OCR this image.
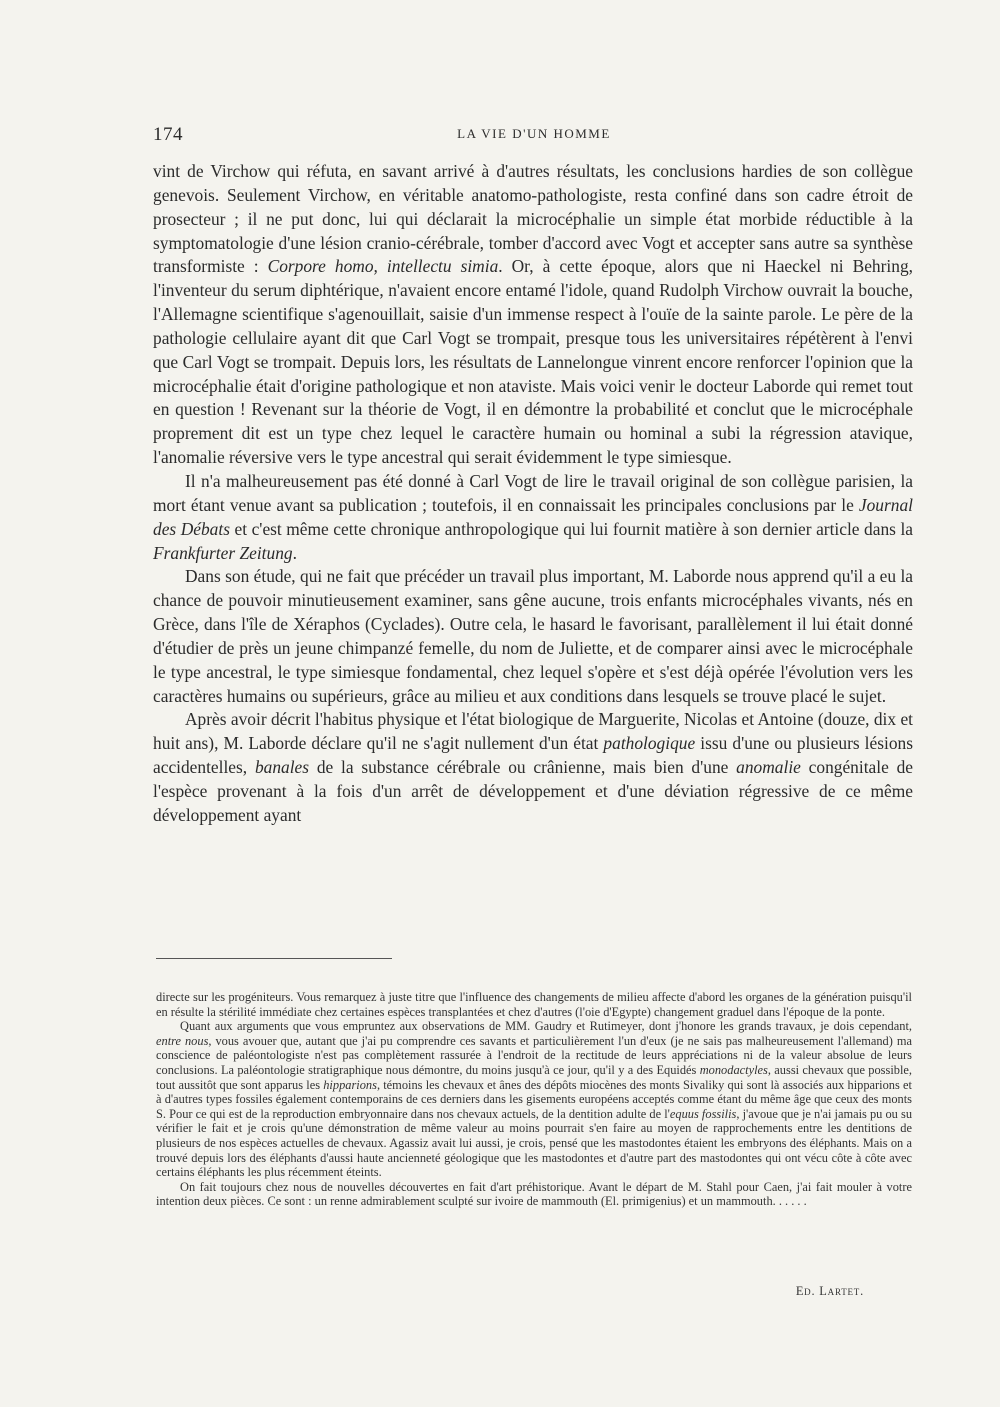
174	LA VIE D'UN HOMME

vint de Virchow qui réfuta, en savant arrivé à d'autres résultats, les conclusions hardies de son collègue genevois. Seulement Virchow, en véritable anatomo-pathologiste, resta confiné dans son cadre étroit de prosecteur ; il ne put donc, lui qui déclarait la microcéphalie un simple état morbide réductible à la symptomatologie d'une lésion cranio-cérébrale, tomber d'accord avec Vogt et accepter sans autre sa synthèse transformiste : Corpore homo, intellectu simia. Or, à cette époque, alors que ni Haeckel ni Behring, l'inventeur du serum diphtérique, n'avaient encore entamé l'idole, quand Rudolph Virchow ouvrait la bouche, l'Allemagne scientifique s'agenouillait, saisie d'un immense respect à l'ouïe de la sainte parole. Le père de la pathologie cellulaire ayant dit que Carl Vogt se trompait, presque tous les universitaires répétèrent à l'envi que Carl Vogt se trompait. Depuis lors, les résultats de Lannelongue vinrent encore renforcer l'opinion que la microcéphalie était d'origine pathologique et non ataviste. Mais voici venir le docteur Laborde qui remet tout en question ! Revenant sur la théorie de Vogt, il en démontre la probabilité et conclut que le microcéphale proprement dit est un type chez lequel le caractère humain ou hominal a subi la régression atavique, l'anomalie réversive vers le type ancestral qui serait évidemment le type simiesque.

Il n'a malheureusement pas été donné à Carl Vogt de lire le travail original de son collègue parisien, la mort étant venue avant sa publication ; toutefois, il en connaissait les principales conclusions par le Journal des Débats et c'est même cette chronique anthropologique qui lui fournit matière à son dernier article dans la Frankfurter Zeitung.

Dans son étude, qui ne fait que précéder un travail plus important, M. Laborde nous apprend qu'il a eu la chance de pouvoir minutieusement examiner, sans gêne aucune, trois enfants microcéphales vivants, nés en Grèce, dans l'île de Xéraphos (Cyclades). Outre cela, le hasard le favorisant, parallèlement il lui était donné d'étudier de près un jeune chimpanzé femelle, du nom de Juliette, et de comparer ainsi avec le microcéphale le type ancestral, le type simiesque fondamental, chez lequel s'opère et s'est déjà opérée l'évolution vers les caractères humains ou supérieurs, grâce au milieu et aux conditions dans lesquels se trouve placé le sujet.

Après avoir décrit l'habitus physique et l'état biologique de Marguerite, Nicolas et Antoine (douze, dix et huit ans), M. Laborde déclare qu'il ne s'agit nullement d'un état pathologique issu d'une ou plusieurs lésions accidentelles, banales de la substance cérébrale ou crânienne, mais bien d'une anomalie congénitale de l'espèce provenant à la fois d'un arrêt de développement et d'une déviation régressive de ce même développement ayant

directe sur les progéniteurs. Vous remarquez à juste titre que l'influence des changements de milieu affecte d'abord les organes de la génération puisqu'il en résulte la stérilité immédiate chez certaines espèces transplantées et chez d'autres (l'oie d'Egypte) changement graduel dans l'époque de la ponte.

Quant aux arguments que vous empruntez aux observations de MM. Gaudry et Rutimeyer, dont j'honore les grands travaux, je dois cependant, entre nous, vous avouer que, autant que j'ai pu comprendre ces savants et particulièrement l'un d'eux (je ne sais pas malheureusement l'allemand) ma conscience de paléontologiste n'est pas complètement rassurée à l'endroit de la rectitude de leurs appréciations ni de la valeur absolue de leurs conclusions. La paléontologie stratigraphique nous démontre, du moins jusqu'à ce jour, qu'il y a des Equidés monodactyles, aussi chevaux que possible, tout aussitôt que sont apparus les hipparions, témoins les chevaux et ânes des dépôts miocènes des monts Sivaliky qui sont là associés aux hipparions et à d'autres types fossiles également contemporains de ces derniers dans les gisements européens acceptés comme étant du même âge que ceux des monts S. Pour ce qui est de la reproduction embryonnaire dans nos chevaux actuels, de la dentition adulte de l'equus fossilis, j'avoue que je n'ai jamais pu ou su vérifier le fait et je crois qu'une démonstration de même valeur au moins pourrait s'en faire au moyen de rapprochements entre les dentitions de plusieurs de nos espèces actuelles de chevaux. Agassiz avait lui aussi, je crois, pensé que les mastodontes étaient les embryons des éléphants. Mais on a trouvé depuis lors des éléphants d'aussi haute ancienneté géologique que les mastodontes et d'autre part des mastodontes qui ont vécu côte à côte avec certains éléphants les plus récemment éteints.

On fait toujours chez nous de nouvelles découvertes en fait d'art préhistorique. Avant le départ de M. Stahl pour Caen, j'ai fait mouler à votre intention deux pièces. Ce sont : un renne admirablement sculpté sur ivoire de mammouth (El. primigenius) et un mammouth. . . . . .

Ed. Lartet.
